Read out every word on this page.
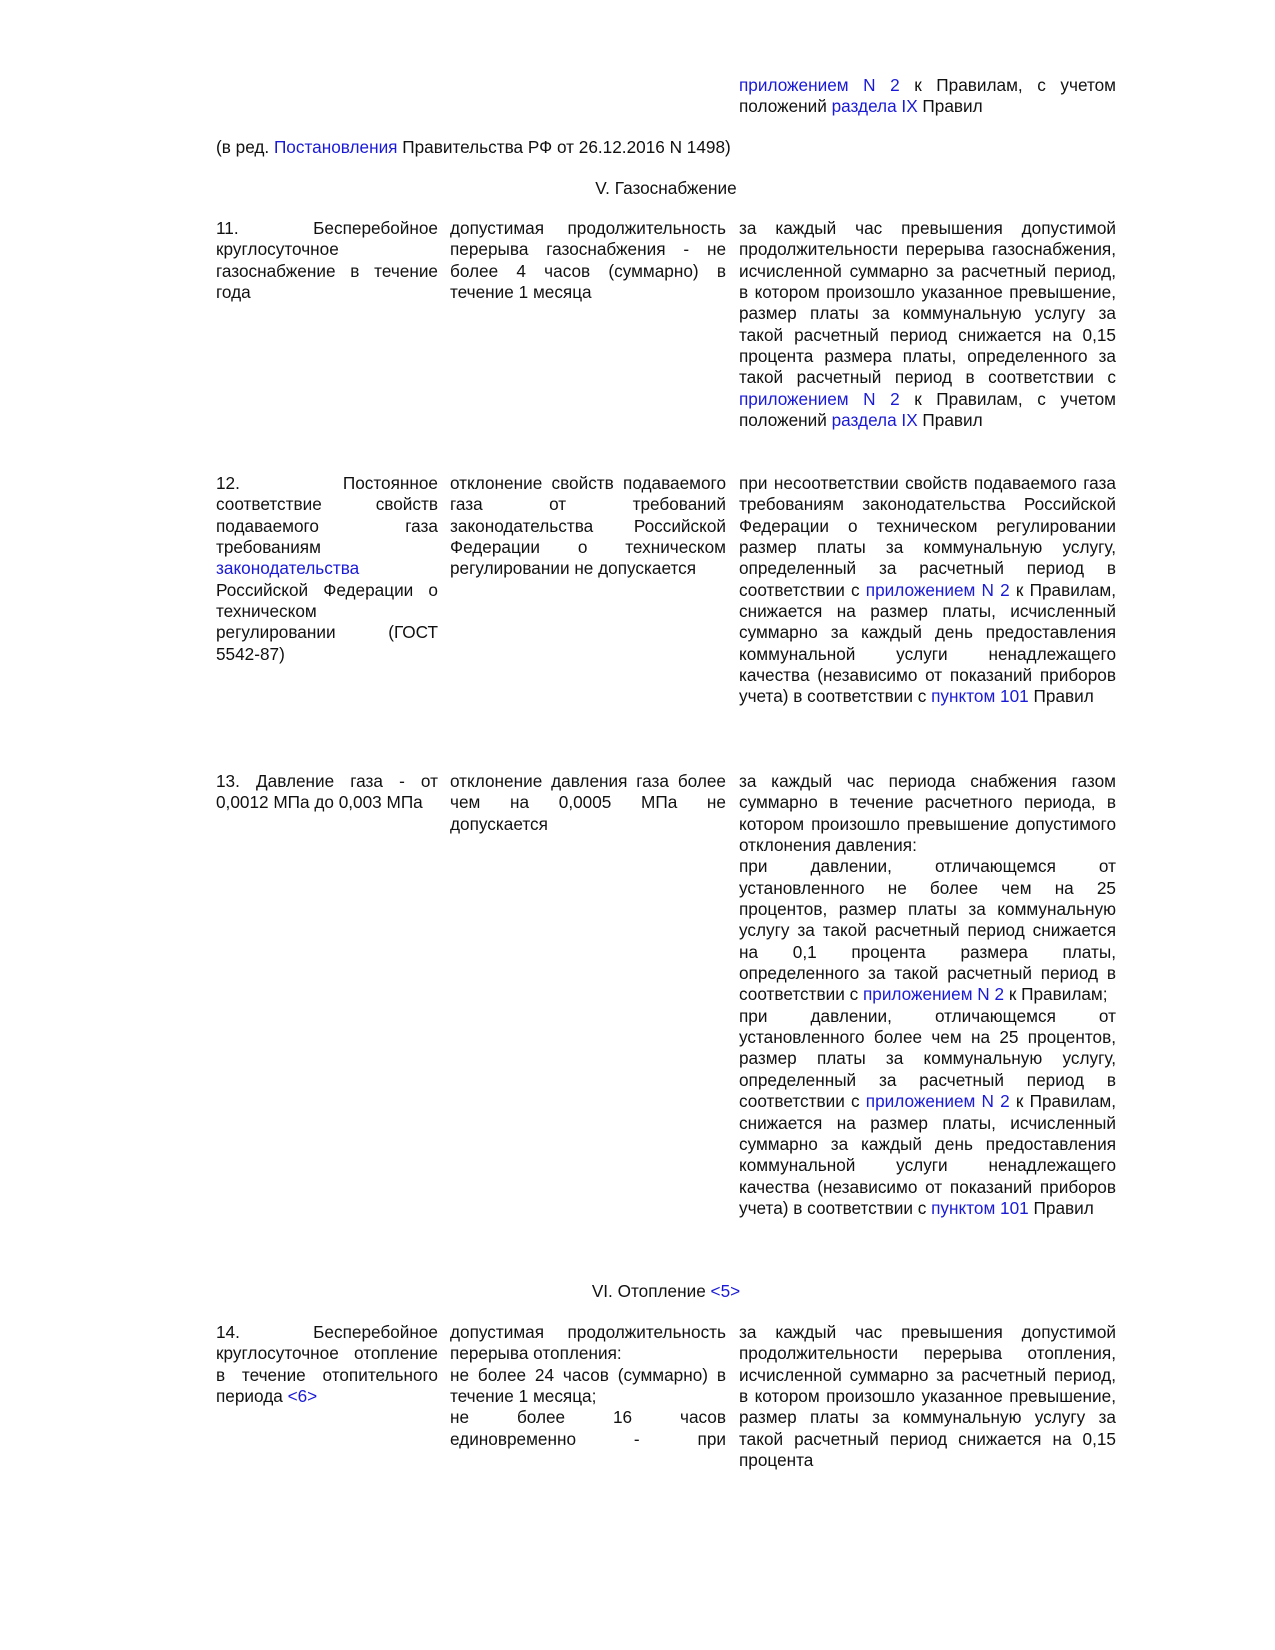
приложением N 2 к Правилам, с учетом положений раздела IX Правил
(в ред. Постановления Правительства РФ от 26.12.2016 N 1498)
V. Газоснабжение
11. Бесперебойное круглосуточное газоснабжение в течение года
допустимая продолжительность перерыва газоснабжения - не более 4 часов (суммарно) в течение 1 месяца
за каждый час превышения допустимой продолжительности перерыва газоснабжения, исчисленной суммарно за расчетный период, в котором произошло указанное превышение, размер платы за коммунальную услугу за такой расчетный период снижается на 0,15 процента размера платы, определенного за такой расчетный период в соответствии с приложением N 2 к Правилам, с учетом положений раздела IX Правил
12. Постоянное соответствие свойств подаваемого газа требованиям законодательства Российской Федерации о техническом регулировании (ГОСТ 5542-87)
отклонение свойств подаваемого газа от требований законодательства Российской Федерации о техническом регулировании не допускается
при несоответствии свойств подаваемого газа требованиям законодательства Российской Федерации о техническом регулировании размер платы за коммунальную услугу, определенный за расчетный период в соответствии с приложением N 2 к Правилам, снижается на размер платы, исчисленный суммарно за каждый день предоставления коммунальной услуги ненадлежащего качества (независимо от показаний приборов учета) в соответствии с пунктом 101 Правил
13. Давление газа - от 0,0012 МПа до 0,003 МПа
отклонение давления газа более чем на 0,0005 МПа не допускается

за каждый час периода снабжения газом суммарно в течение расчетного периода, в котором произошло превышение допустимого отклонения давления:

при давлении, отличающемся от установленного не более чем на 25 процентов, размер платы за коммунальную услугу за такой расчетный период снижается на 0,1 процента размера платы, определенного за такой расчетный период в соответствии с приложением N 2 к Правилам;

при давлении, отличающемся от установленного более чем на 25 процентов, размер платы за коммунальную услугу, определенный за расчетный период в соответствии с приложением N 2 к Правилам, снижается на размер платы, исчисленный суммарно за каждый день предоставления коммунальной услуги ненадлежащего качества (независимо от показаний приборов учета) в соответствии с пунктом 101 Правил

VI. Отопление <5>
14. Бесперебойное круглосуточное отопление в течение отопительного периода <6>

допустимая продолжительность перерыва отопления:

не более 24 часов (суммарно) в течение 1 месяца;

не более 16 часов единовременно - при

за каждый час превышения допустимой продолжительности перерыва отопления, исчисленной суммарно за расчетный период, в котором произошло указанное превышение, размер платы за коммунальную услугу за такой расчетный период снижается на 0,15 процента
